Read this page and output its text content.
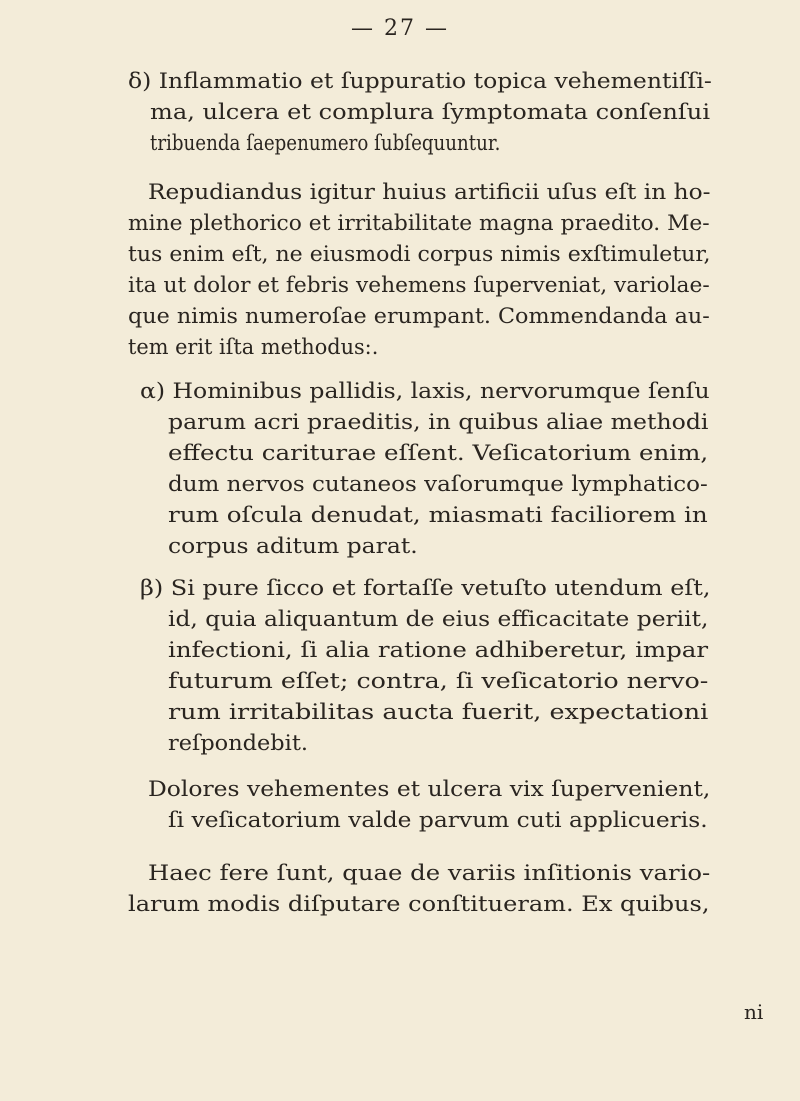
— 27 —
δ) Inflammatio et ſuppuratio topica vehementiſſi-
ma, ulcera et complura ſymptomata conſenſui
tribuenda ſaepenumero ſubſequuntur.
Repudiandus igitur huius artificii uſus eſt in ho-
mine plethorico et irritabilitate magna praedito. Me-
tus enim eſt, ne eiusmodi corpus nimis exſtimuletur,
ita ut dolor et febris vehemens ſuperveniat, variolae-
que nimis numeroſae erumpant. Commendanda au-
tem erit iſta methodus:.
α) Hominibus pallidis, laxis, nervorumque ſenſu
parum acri praeditis, in quibus aliae methodi
effectu cariturae eſſent. Veſicatorium enim,
dum nervos cutaneos vaſorumque lymphatico-
rum oſcula denudat, miasmati faciliorem in
corpus aditum parat.
β) Si pure ſicco et fortaſſe vetuſto utendum eſt,
id, quia aliquantum de eius efficacitate periit,
infectioni, ſi alia ratione adhiberetur, impar
futurum eſſet; contra, ſi veſicatorio nervo-
rum irritabilitas aucta fuerit, expectationi
reſpondebit.
Dolores vehementes et ulcera vix ſupervenient,
ſi veſicatorium valde parvum cuti applicueris.
Haec fere ſunt, quae de variis inſitionis vario-
larum modis diſputare conſtitueram. Ex quibus,
ni
